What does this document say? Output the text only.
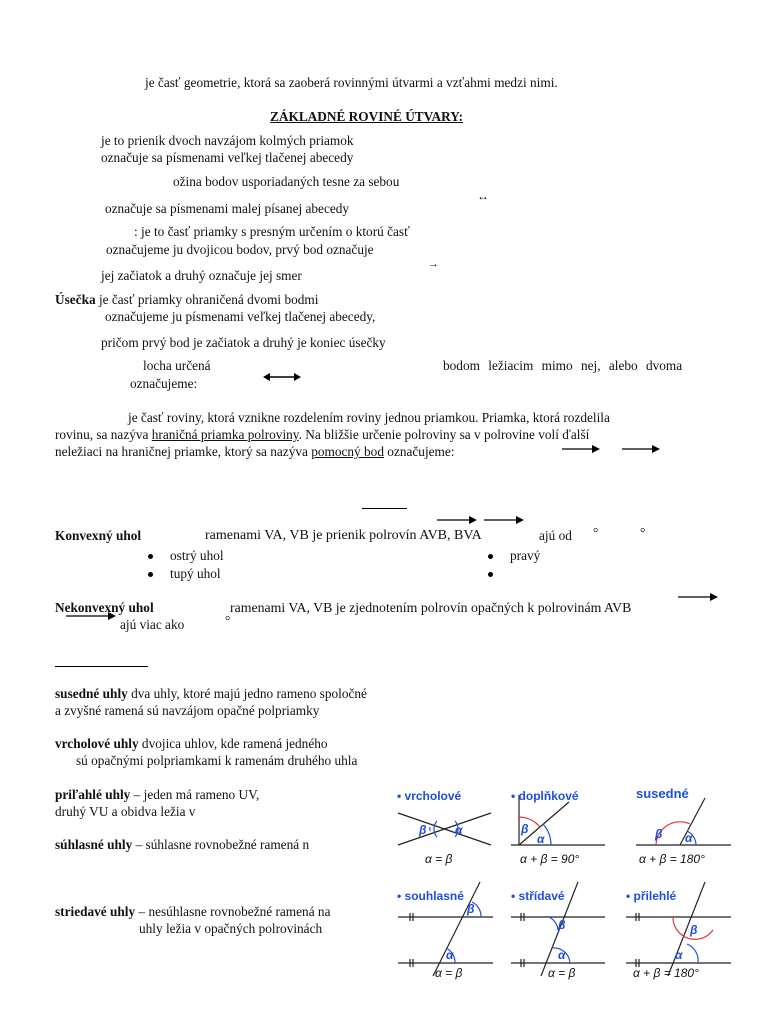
je časť geometrie, ktorá sa zaoberá rovinnými útvarmi a vzťahmi medzi nimi.
ZÁKLADNÉ ROVINÉ ÚTVARY:
je to prienik dvoch navzájom kolmých priamok
označuje sa písmenami veľkej tlačenej abecedy
ožina bodov usporiadaných tesne za sebou
↔
označuje sa písmenami malej písanej abecedy
: je to časť priamky s presným určením o ktorú časť
označujeme ju dvojicou bodov, prvý bod označuje
→
jej začiatok a druhý označuje jej smer
Úsečka je časť priamky ohraničená dvomi bodmi
označujeme ju písmenami veľkej tlačenej abecedy,
pričom prvý bod je začiatok a druhý je koniec úsečky
locha určená	bodom ležiacim mimo nej, alebo dvoma
označujeme:
je časť roviny, ktorá vznikne rozdelením roviny jednou priamkou. Priamka, ktorá rozdelila
rovinu, sa nazýva hraničná priamka polroviny. Na bližšie určenie polroviny sa v polrovine volí ďalší
neležiaci na hraničnej priamke, ktorý sa nazýva pomocný bod označujeme:
Konvexný uhol	ramenami VA, VB je prienik polrovín AVB, BVA	ajú od °	°
ostrý uhol
tupý uhol
pravý
Nekonvexný uhol	ramenami VA, VB je zjednotením polrovín opačných k polrovinám AVB
ajú viac ako	°
susedné uhly dva uhly, ktoré majú jedno rameno spoločné
a zvyšné ramená sú navzájom opačné polpriamky
vrcholové uhly dvojica uhlov, kde ramená jedného
sú opačnými polpriamkami k ramenám druhého uhla
priľahlé uhly – jeden má rameno UV,
druhý VU a obidva ležia v
súhlasné uhly – súhlasne rovnobežné ramená n
striedavé uhly – nesúhlasne rovnobežné ramená na
uhly ležia v opačných polrovinách
• vrcholové	• doplňkové	susedné
• souhlasné	• střídavé	• přilehlé
β α	β
α	β α
β
α
β
α
β
α
α = β	α + β = 90°	α + β = 180°
α = β	α = β	α + β = 180°
